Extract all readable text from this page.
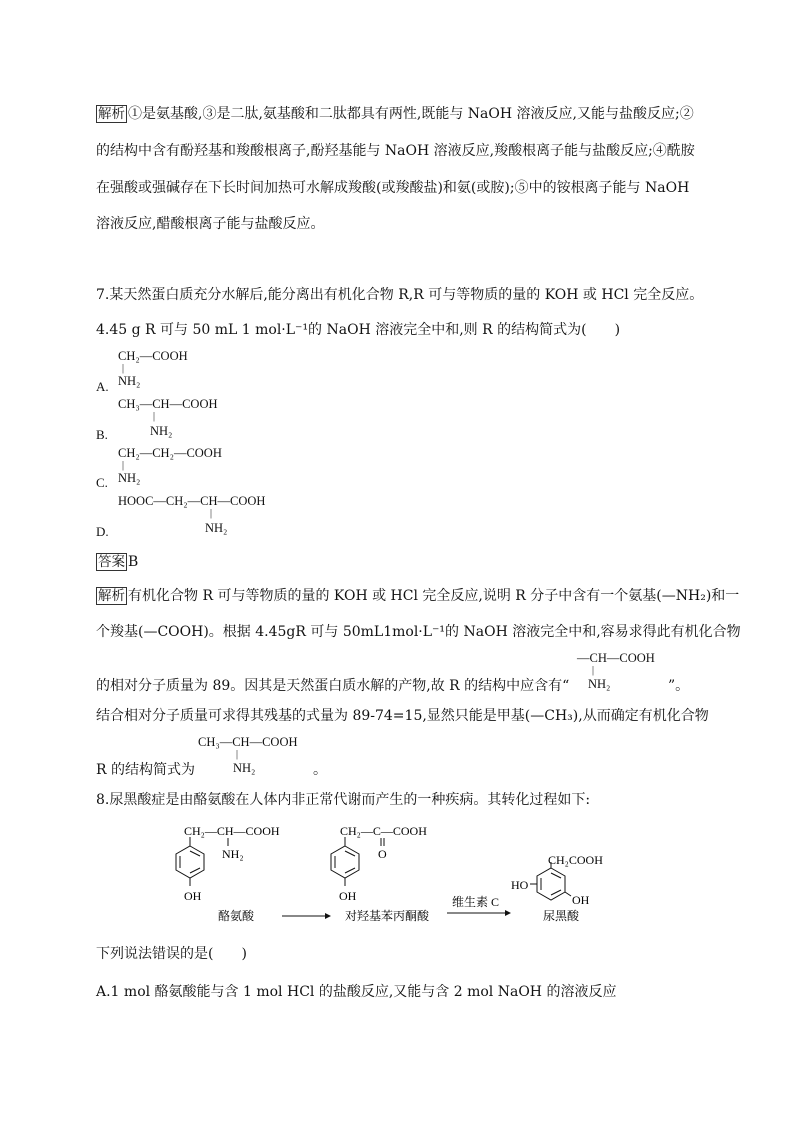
解析 ①是氨基酸,③是二肽,氨基酸和二肽都具有两性,既能与 NaOH 溶液反应,又能与盐酸反应;②
的结构中含有酚羟基和羧酸根离子,酚羟基能与 NaOH 溶液反应,羧酸根离子能与盐酸反应;④酰胺
在强酸或强碱存在下长时间加热可水解成羧酸(或羧酸盐)和氨(或胺);⑤中的铵根离子能与 NaOH
溶液反应,醋酸根离子能与盐酸反应。
7.某天然蛋白质充分水解后,能分离出有机化合物 R,R 可与等物质的量的 KOH 或 HCl 完全反应。
4.45 g R 可与 50 mL 1 mol·L⁻¹的 NaOH 溶液完全中和,则 R 的结构简式为(　　)
CH₂—COOH
|
NH₂
A.
CH₃—CH—COOH
|
NH₂
B.
CH₂—CH₂—COOH
|
NH₂
C.
HOOC—CH₂—CH—COOH
|
NH₂
D.
答案 B
解析 有机化合物 R 可与等物质的量的 KOH 或 HCl 完全反应,说明 R 分子中含有一个氨基(—NH₂)和一
个羧基(—COOH)。根据 4.45gR 可与 50mL1mol·L⁻¹的 NaOH 溶液完全中和,容易求得此有机化合物
—CH—COOH
|
NH₂
的相对分子质量为 89。因其是天然蛋白质水解的产物,故 R 的结构中应含有“	”。
结合相对分子质量可求得其残基的式量为 89-74=15,显然只能是甲基(—CH₃),从而确定有机化合物
CH₃—CH—COOH
|
NH₂
R 的结构简式为	。
8.尿黑酸症是由酪氨酸在人体内非正常代谢而产生的一种疾病。其转化过程如下:
CH₂—CH—COOH
NH₂
OH
酪氨酸
CH₂—C—COOH
O
OH
对羟基苯丙酮酸
维生素 C
CH₂COOH
HO
OH
尿黑酸
下列说法错误的是(　　)
A.1 mol 酪氨酸能与含 1 mol HCl 的盐酸反应,又能与含 2 mol NaOH 的溶液反应
